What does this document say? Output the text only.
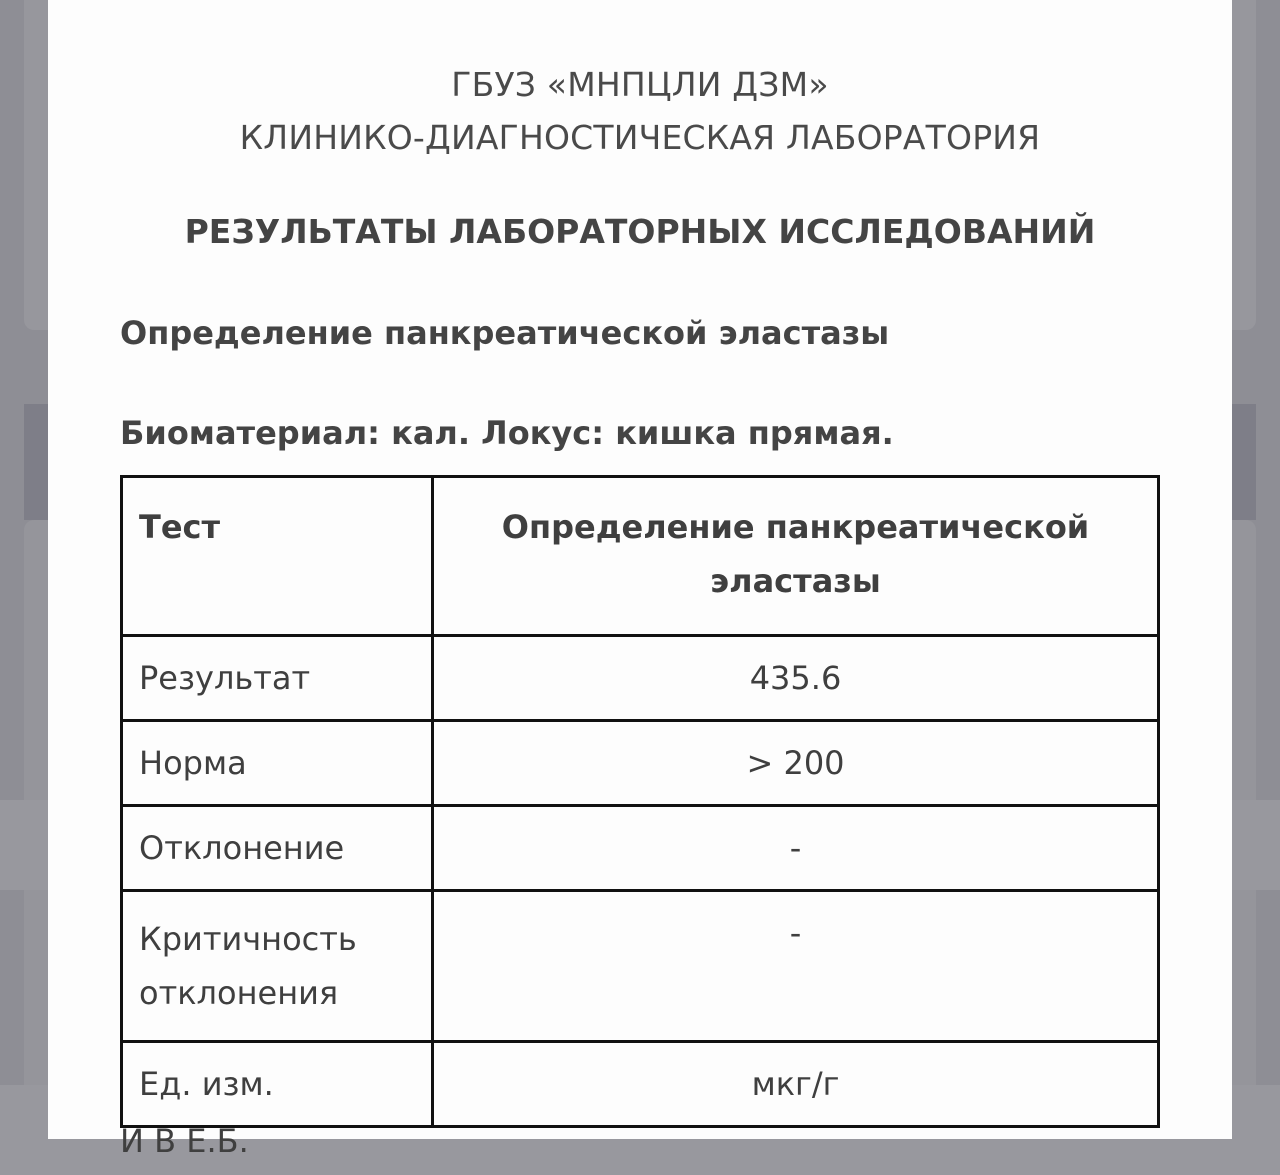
ГБУЗ «МНПЦЛИ ДЗМ»
КЛИНИКО-ДИАГНОСТИЧЕСКАЯ ЛАБОРАТОРИЯ
РЕЗУЛЬТАТЫ ЛАБОРАТОРНЫХ ИССЛЕДОВАНИЙ
Определение панкреатической эластазы
Биоматериал: кал. Локус: кишка прямая.
Тест	Определение панкреатической эластазы
Результат	435.6
Норма	> 200
Отклонение	-
Критичность отклонения	-
Ед. изм.	мкг/г
И В Е.Б.
